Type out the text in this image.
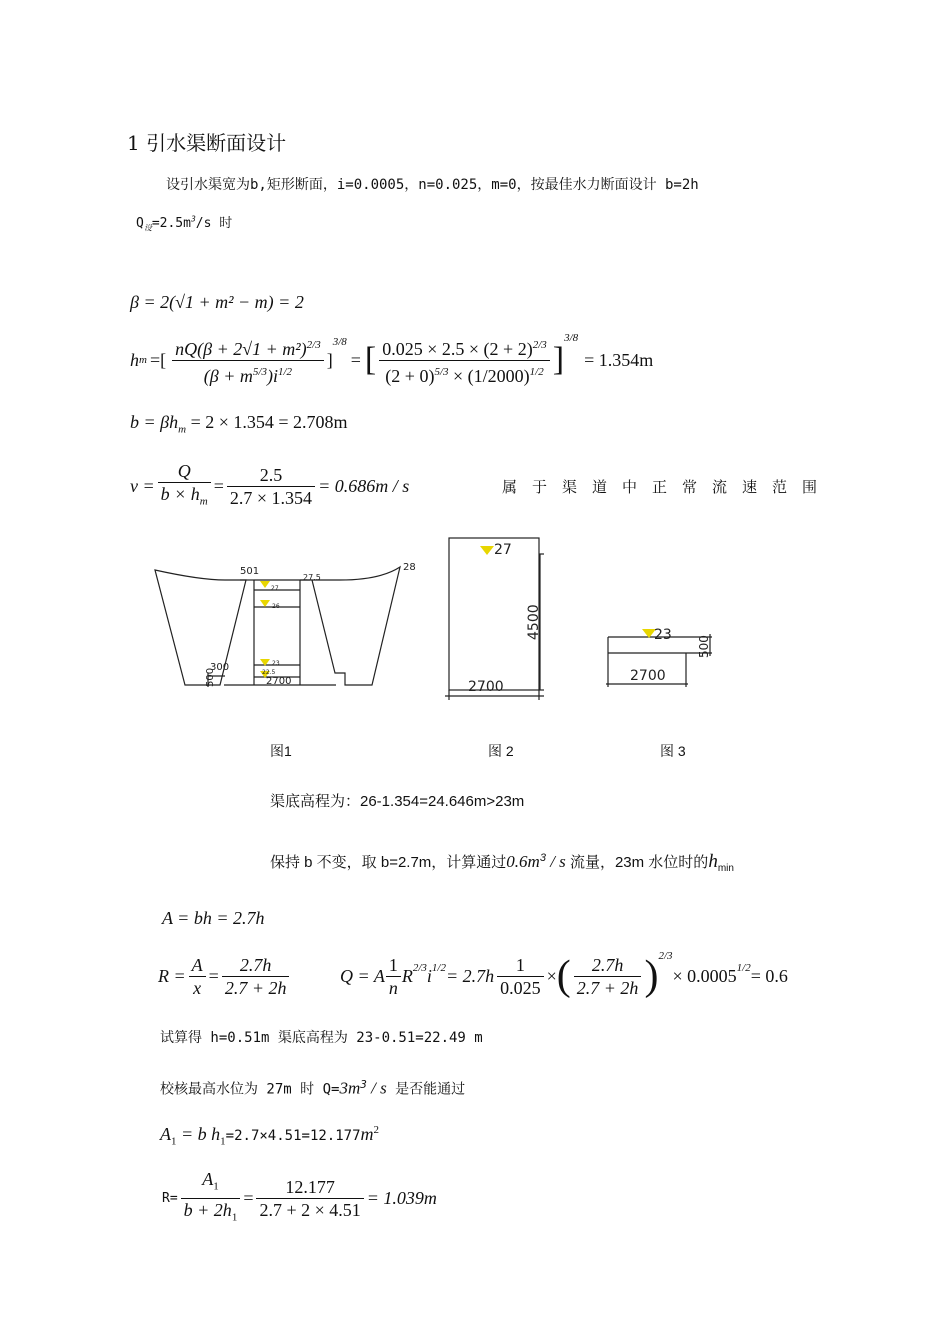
1 引水渠断面设计
设引水渠宽为b,矩形断面，i=0.0005，n=0.025，m=0，按最佳水力断面设计 b=2h
$Q_设=2.5m^3/s$ 时
β = 2(√1 + m² − m) = 2
h m =[ $\frac{nQ(\beta + 2√1 + m^2)^{2/3}}{(\beta + m^{5/3})i^{1/2}}$ ]
3/8
= [ $\frac{0.025 \times 2.5 \times (2 + 2)^{2/3}}{(2 + 0)^{5/3} \times (1/2000)^{1/2}}$ ]
$^{3/8}$
= 1.354m
$b = \beta h_m = 2 \times 1.354 = 2.708m$
$v = \frac{Q}{b \times h_m} = \frac{2.5}{2.7 \times 1.354} = 0.686m / s$	属于渠道中正常流速范围
28
501
27.5
27
26
23
22.5
300
500	2700
27
4500
2700
23
500
2700
图1	图 2	图 3
渠底高程为：26-1.354=24.646m>23m
保持 b 不变，取 b=2.7m，计算通过$0.6m^3$ / s 流量，23m 水位时的$h_{min}$
A = bh = 2.7h
$R = \frac{A}{x} = \frac{2.7h}{2.7 + 2h}$	Q = A $\frac{1}{n} R^{2/3}$ $i^{1/2} = 2.7h \frac{1}{0.025}$ × ( $\frac{2.7h}{2.7 + 2h} )^{2/3}$
× $0.0005^{1/2} = 0.6$
试算得 h=0.51m 渠底高程为 23-0.51=22.49 m
校核最高水位为 27m 时 $Q=3m^3 / s$ 是否能通过
$A_1 = b$ $h_1=2.7\times 4.51=12.177m^2$
$R= \frac{A_1}{b + 2h_1} = \frac{12.177}{2.7 + 2 \times 4.51} = 1.039m$
